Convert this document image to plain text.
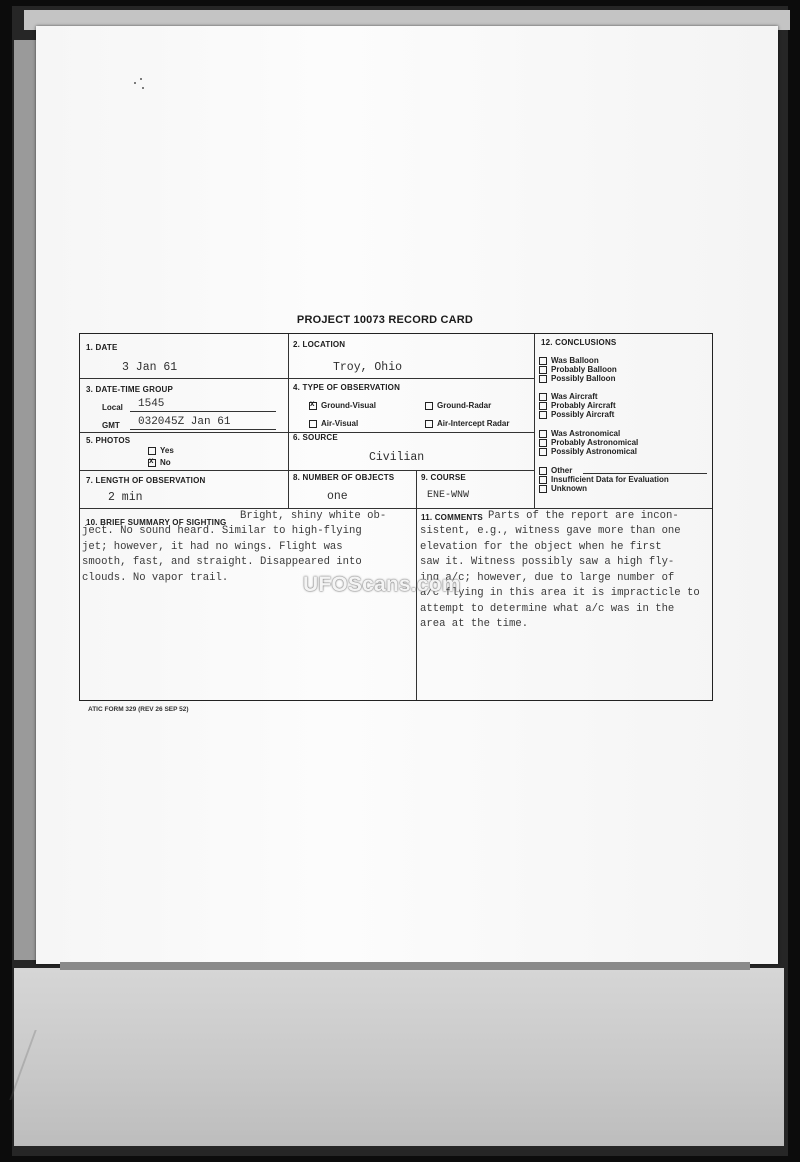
PROJECT 10073 RECORD CARD
1. DATE
3 Jan 61
2. LOCATION
Troy, Ohio
3. DATE-TIME GROUP
Local 1545
GMT 032045Z Jan 61
4. TYPE OF OBSERVATION
xGround-Visual	Ground-Radar
Air-Visual	Air-Intercept Radar
5. PHOTOS
Yes
xNo
6. SOURCE
Civilian
7. LENGTH OF OBSERVATION
2 min
8. NUMBER OF OBJECTS
one
9. COURSE
ENE-WNW
12. CONCLUSIONS
Was Balloon
Probably Balloon
Possibly Balloon
Was Aircraft
Probably Aircraft
Possibly Aircraft
Was Astronomical
Probably Astronomical
Possibly Astronomical
Other
Insufficient Data for Evaluation
Unknown
10. BRIEF SUMMARY OF SIGHTING
11. COMMENTS
Bright, shiny white ob-
ject. No sound heard. Similar to high-flying
jet; however, it had no wings. Flight was
smooth, fast, and straight. Disappeared into
clouds. No vapor trail.
Parts of the report are incon-
sistent, e.g., witness gave more than one
elevation for the object when he first
saw it. Witness possibly saw a high fly-
ing a/c; however, due to large number of
a/c flying in this area it is impracticle to
attempt to determine what a/c was in the
area at the time.
ATIC FORM 329 (REV 26 SEP 52)
UFOScans.com
